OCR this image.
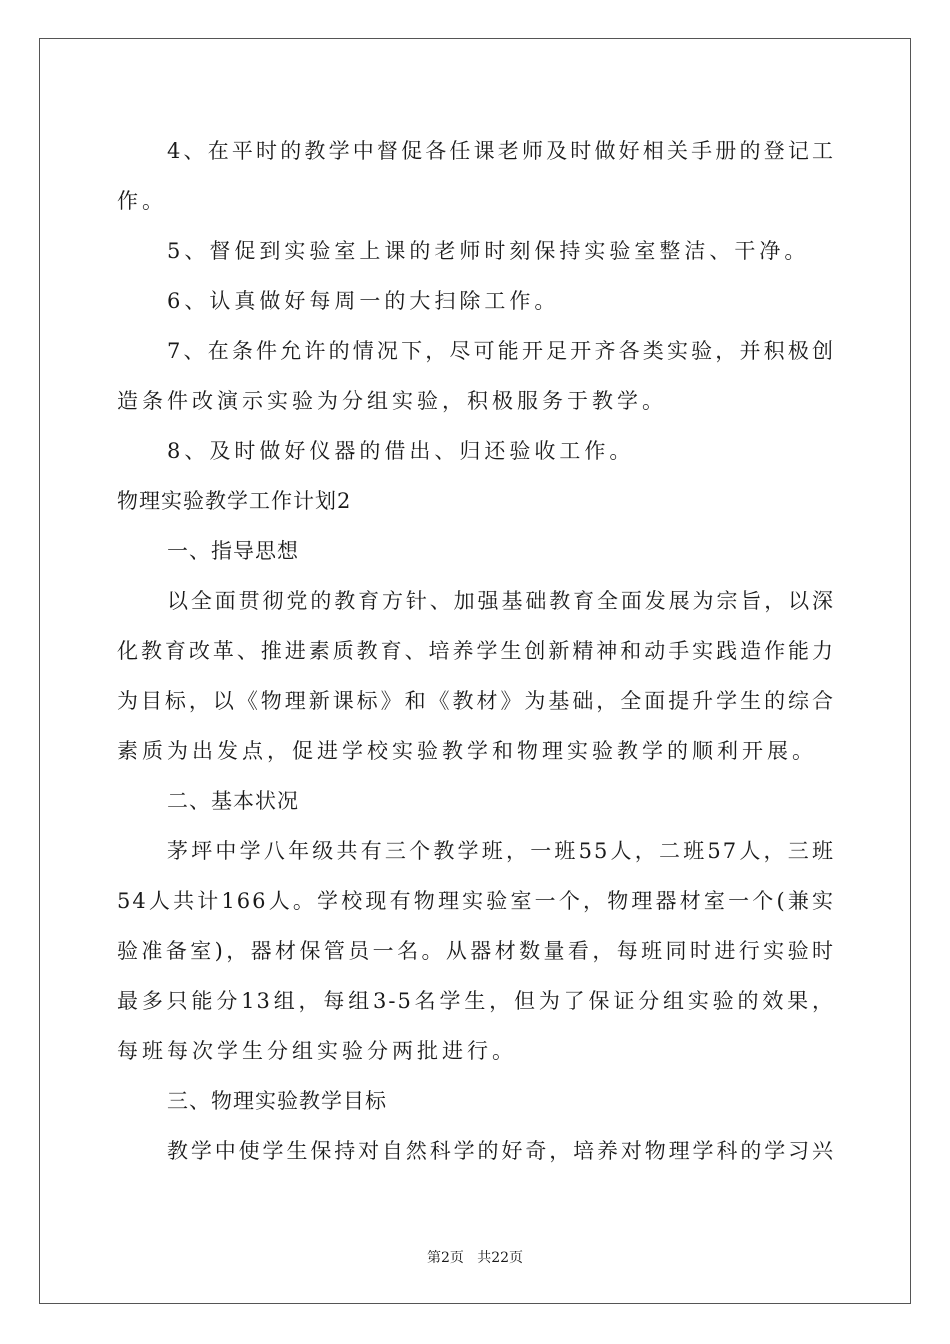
4、在平时的教学中督促各任课老师及时做好相关手册的登记工
作。
5、督促到实验室上课的老师时刻保持实验室整洁、干净。
6、认真做好每周一的大扫除工作。
7、在条件允许的情况下，尽可能开足开齐各类实验，并积极创
造条件改演示实验为分组实验，积极服务于教学。
8、及时做好仪器的借出、归还验收工作。
物理实验教学工作计划2
一、指导思想
以全面贯彻党的教育方针、加强基础教育全面发展为宗旨，以深
化教育改革、推进素质教育、培养学生创新精神和动手实践造作能力
为目标，以《物理新课标》和《教材》为基础，全面提升学生的综合
素质为出发点，促进学校实验教学和物理实验教学的顺利开展。
二、基本状况
茅坪中学八年级共有三个教学班，一班55人，二班57人，三班
54人共计166人。学校现有物理实验室一个，物理器材室一个(兼实
验准备室)，器材保管员一名。从器材数量看，每班同时进行实验时
最多只能分13组，每组3-5名学生，但为了保证分组实验的效果，
每班每次学生分组实验分两批进行。
三、物理实验教学目标
教学中使学生保持对自然科学的好奇，培养对物理学科的学习兴
第2页   共22页
